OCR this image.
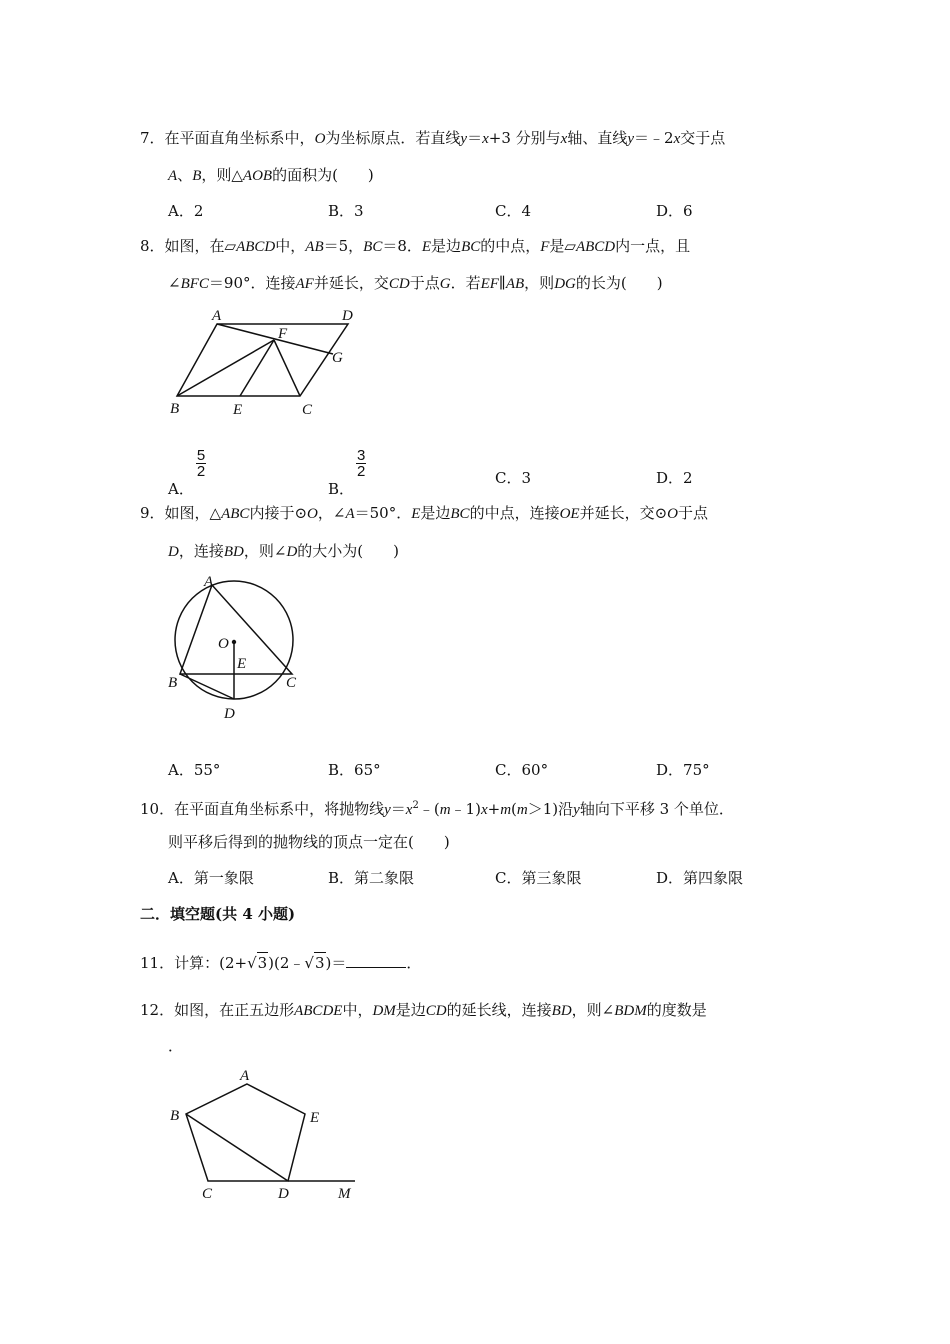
7．在平面直角坐标系中，O为坐标原点．若直线y＝x+3 分别与x轴、直线y＝﹣2x交于点
A、B，则△AOB的面积为(　　)
A．2	B．3	C．4	D．6
8．如图，在▱ABCD中，AB＝5，BC＝8．E是边BC的中点，F是▱ABCD内一点，且
∠BFC＝90°．连接AF并延长，交CD于点G．若EF∥AB，则DG的长为(　　)
A	D
F
G
B	E	C
A．
$\frac{5}{2}$
B．
$\frac{3}{2}$	C．3	D．2
9．如图，△ABC内接于⊙O，∠A＝50°．E是边BC的中点，连接OE并延长，交⊙O于点
D，连接BD，则∠D的大小为(　　)
A
O
E
B	C
D
A．55°	B．65°	C．60°	D．75°
10．在平面直角坐标系中，将抛物线$y=x^2﹣(m﹣1)x+m(m>1)$沿y轴向下平移 3 个单位．
则平移后得到的抛物线的顶点一定在(　　)
A．第一象限	B．第二象限	C．第三象限	D．第四象限
二．填空题(共 4 小题)
11．计算：(2+√3)(2﹣√3)＝	．
12．如图，在正五边形ABCDE中，DM是边CD的延长线，连接BD，则∠BDM的度数是
．
A
B	E
C	D	M
